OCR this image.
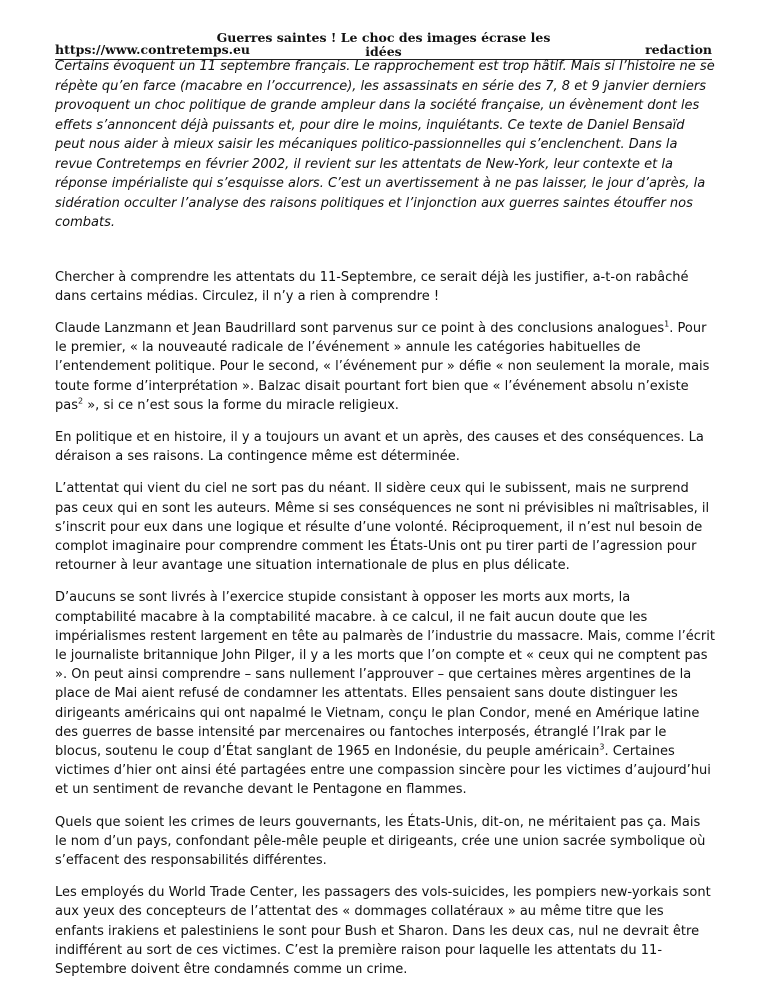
Guerres saintes ! Le choc des images écrase les
idées
https://www.contretemps.eu	redaction

Certains évoquent un 11 septembre français. Le rapprochement est trop hâtif. Mais si l’histoire ne se répète qu’en farce (macabre en l’occurrence), les assassinats en série des 7, 8 et 9 janvier derniers provoquent un choc politique de grande ampleur dans la société française, un évènement dont les effets s’annoncent déjà puissants et, pour dire le moins, inquiétants. Ce texte de Daniel Bensaïd peut nous aider à mieux saisir les mécaniques politico-passionnelles qui s’enclenchent. Dans la revue Contretemps en février 2002, il revient sur les attentats de New-York, leur contexte et la réponse impérialiste qui s’esquisse alors. C’est un avertissement à ne pas laisser, le jour d’après, la sidération occulter l’analyse des raisons politiques et l’injonction aux guerres saintes étouffer nos combats.

Chercher à comprendre les attentats du 11-Septembre, ce serait déjà les justifier, a-t-on rabâché dans certains médias. Circulez, il n’y a rien à comprendre !

Claude Lanzmann et Jean Baudrillard sont parvenus sur ce point à des conclusions analogues$^1$. Pour le premier, « la nouveauté radicale de l’événement » annule les catégories habituelles de l’entendement politique. Pour le second, « l’événement pur » défie « non seulement la morale, mais toute forme d’interprétation ». Balzac disait pourtant fort bien que « l’événement absolu n’existe pas$^2$ », si ce n’est sous la forme du miracle religieux.

En politique et en histoire, il y a toujours un avant et un après, des causes et des conséquences. La déraison a ses raisons. La contingence même est déterminée.

L’attentat qui vient du ciel ne sort pas du néant. Il sidère ceux qui le subissent, mais ne surprend pas ceux qui en sont les auteurs. Même si ses conséquences ne sont ni prévisibles ni maîtrisables, il s’inscrit pour eux dans une logique et résulte d’une volonté. Réciproquement, il n’est nul besoin de complot imaginaire pour comprendre comment les États-Unis ont pu tirer parti de l’agression pour retourner à leur avantage une situation internationale de plus en plus délicate.

D’aucuns se sont livrés à l’exercice stupide consistant à opposer les morts aux morts, la comptabilité macabre à la comptabilité macabre. à ce calcul, il ne fait aucun doute que les impérialismes restent largement en tête au palmarès de l’industrie du massacre. Mais, comme l’écrit le journaliste britannique John Pilger, il y a les morts que l’on compte et « ceux qui ne comptent pas ». On peut ainsi comprendre – sans nullement l’approuver – que certaines mères argentines de la place de Mai aient refusé de condamner les attentats. Elles pensaient sans doute distinguer les dirigeants américains qui ont napalmé le Vietnam, conçu le plan Condor, mené en Amérique latine des guerres de basse intensité par mercenaires ou fantoches interposés, étranglé l’Irak par le blocus, soutenu le coup d’État sanglant de 1965 en Indonésie, du peuple américain$^3$. Certaines victimes d’hier ont ainsi été partagées entre une compassion sincère pour les victimes d’aujourd’hui et un sentiment de revanche devant le Pentagone en flammes.

Quels que soient les crimes de leurs gouvernants, les États-Unis, dit-on, ne méritaient pas ça. Mais le nom d’un pays, confondant pêle-mêle peuple et dirigeants, crée une union sacrée symbolique où s’effacent des responsabilités différentes.

Les employés du World Trade Center, les passagers des vols-suicides, les pompiers new-yorkais sont aux yeux des concepteurs de l’attentat des « dommages collatéraux » au même titre que les enfants irakiens et palestiniens le sont pour Bush et Sharon. Dans les deux cas, nul ne devrait être indifférent au sort de ces victimes. C’est la première raison pour laquelle les attentats du 11-Septembre doivent être condamnés comme un crime.
